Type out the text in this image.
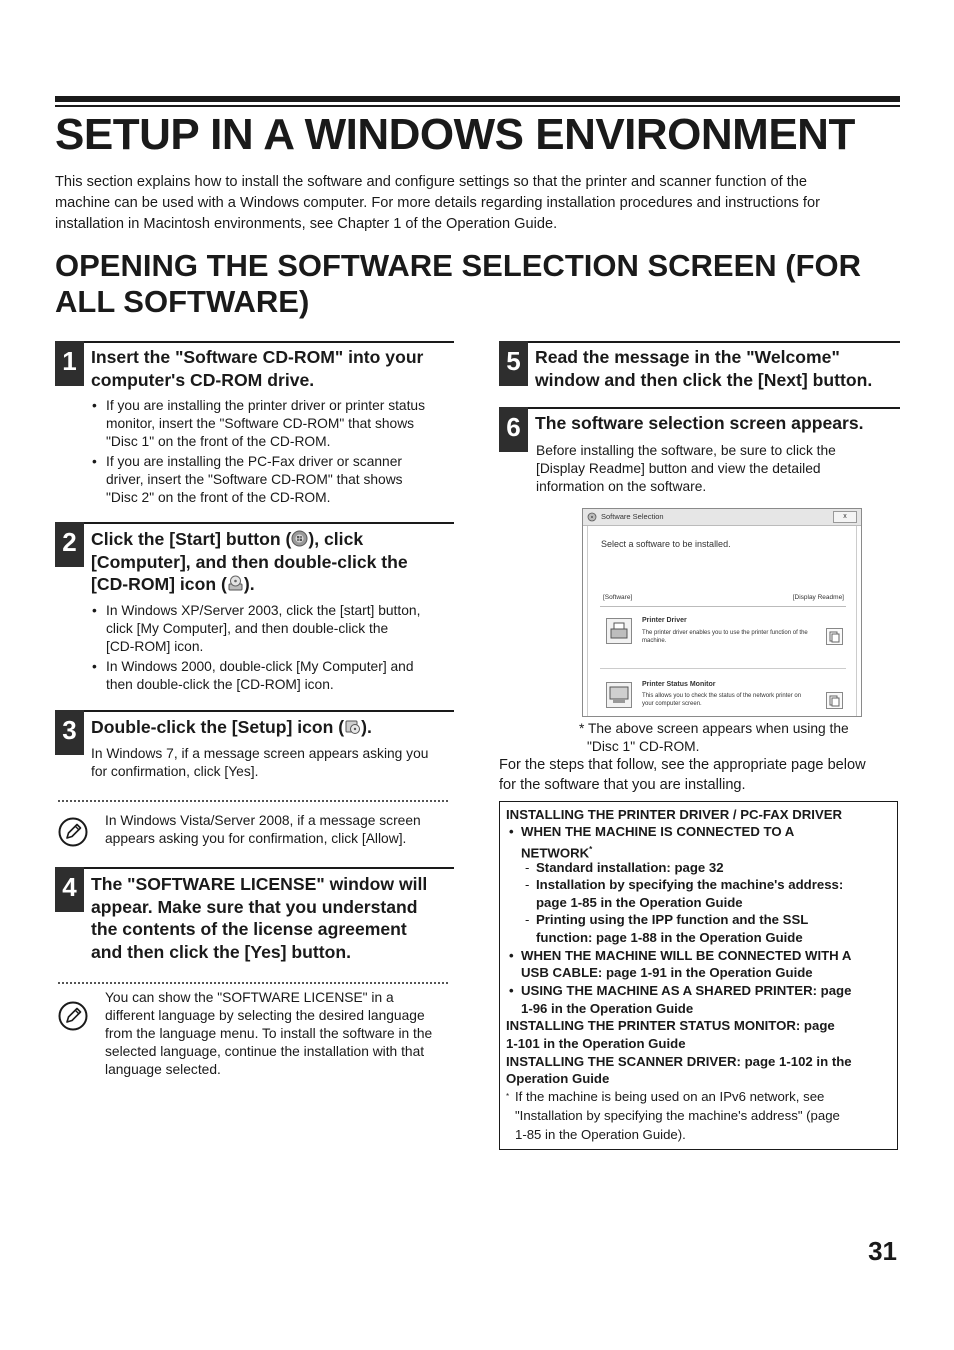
SETUP IN A WINDOWS ENVIRONMENT
This section explains how to install the software and configure settings so that the printer and scanner function of the
machine can be used with a Windows computer. For more details regarding installation procedures and instructions for
installation in Macintosh environments, see Chapter 1 of the Operation Guide.
OPENING THE SOFTWARE SELECTION SCREEN (FOR
ALL SOFTWARE)
1 Insert the "Software CD-ROM" into your
computer's CD-ROM drive.
• If you are installing the printer driver or printer status
monitor, insert the "Software CD-ROM" that shows
"Disc 1" on the front of the CD-ROM.
• If you are installing the PC-Fax driver or scanner
driver, insert the "Software CD-ROM" that shows
"Disc 2" on the front of the CD-ROM.
2 Click the [Start] button ( ), click
[Computer], and then double-click the
[CD-ROM] icon ( ).
• In Windows XP/Server 2003, click the [start] button,
click [My Computer], and then double-click the
[CD-ROM] icon.
• In Windows 2000, double-click [My Computer] and
then double-click the [CD-ROM] icon.
3 Double-click the [Setup] icon ( ).
In Windows 7, if a message screen appears asking you
for confirmation, click [Yes].
In Windows Vista/Server 2008, if a message screen
appears asking you for confirmation, click [Allow].
4 The "SOFTWARE LICENSE" window will
appear. Make sure that you understand
the contents of the license agreement
and then click the [Yes] button.
You can show the "SOFTWARE LICENSE" in a
different language by selecting the desired language
from the language menu. To install the software in the
selected language, continue the installation with that
language selected.
5 Read the message in the "Welcome"
window and then click the [Next] button.
6 The software selection screen appears.
Before installing the software, be sure to click the
[Display Readme] button and view the detailed
information on the software.
Software Selection	x
Select a software to be installed.
[Software]	[Display Readme]
Printer Driver
The printer driver enables you to use the printer function of the
machine.
Printer Status Monitor
This allows you to check the status of the network printer on
your computer screen.
* The above screen appears when using the
"Disc 1" CD-ROM.
For the steps that follow, see the appropriate page below
for the software that you are installing.
INSTALLING THE PRINTER DRIVER / PC-FAX DRIVER
• WHEN THE MACHINE IS CONNECTED TO A
NETWORK*
- Standard installation: page 32
- Installation by specifying the machine's address:
page 1-85 in the Operation Guide
- Printing using the IPP function and the SSL
function: page 1-88 in the Operation Guide
• WHEN THE MACHINE WILL BE CONNECTED WITH A
USB CABLE: page 1-91 in the Operation Guide
• USING THE MACHINE AS A SHARED PRINTER: page
1-96 in the Operation Guide
INSTALLING THE PRINTER STATUS MONITOR: page
1-101 in the Operation Guide
INSTALLING THE SCANNER DRIVER: page 1-102 in the
Operation Guide
* If the machine is being used on an IPv6 network, see
"Installation by specifying the machine's address" (page
1-85 in the Operation Guide).
31
